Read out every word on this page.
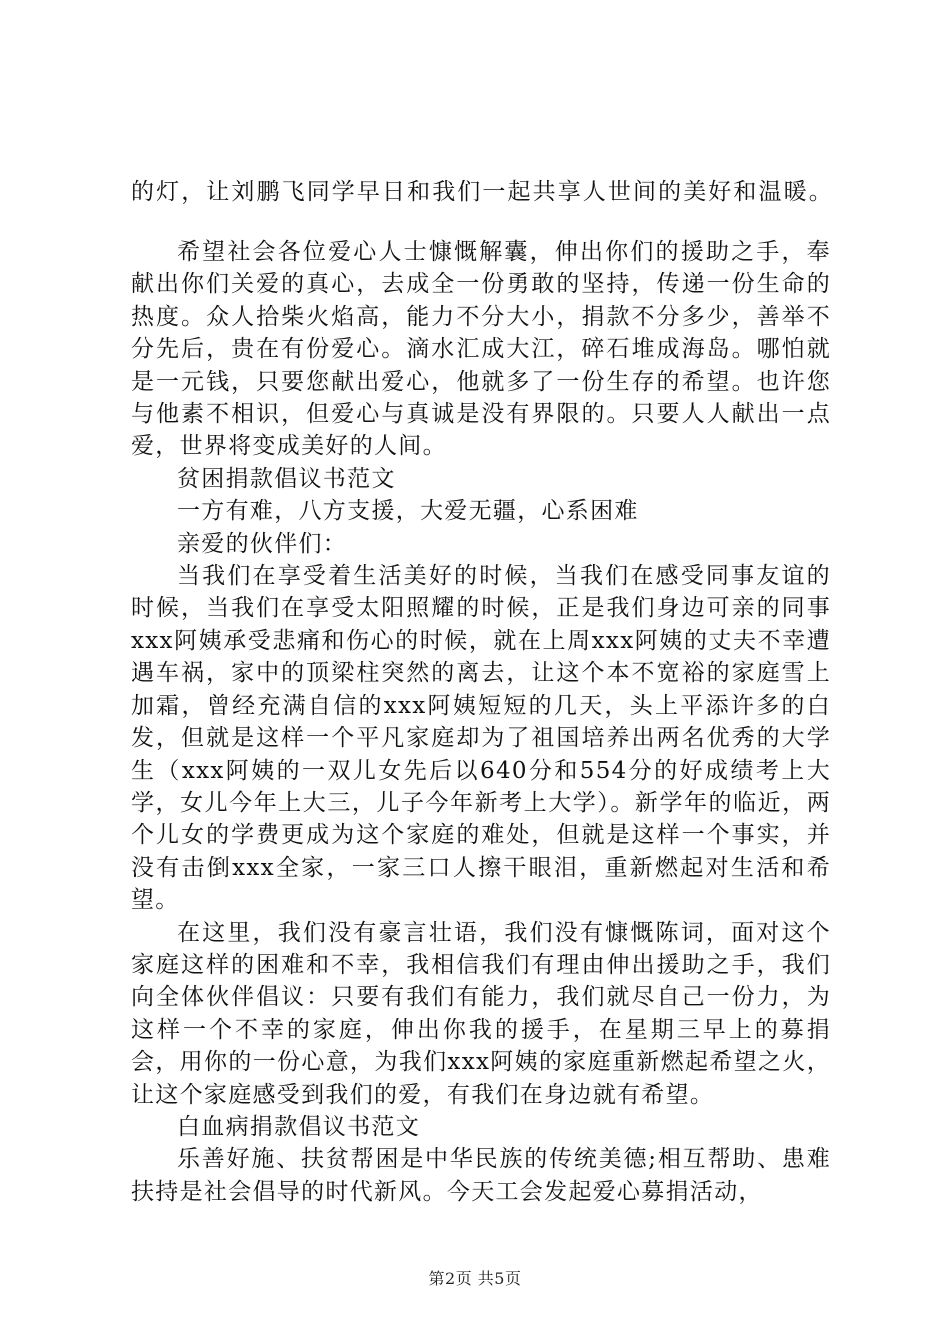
的灯，让刘鹏飞同学早日和我们一起共享人世间的美好和温暖。

希望社会各位爱心人士慷慨解囊，伸出你们的援助之手，奉献出你们关爱的真心，去成全一份勇敢的坚持，传递一份生命的热度。众人拾柴火焰高，能力不分大小，捐款不分多少，善举不分先后，贵在有份爱心。滴水汇成大江，碎石堆成海岛。哪怕就是一元钱，只要您献出爱心，他就多了一份生存的希望。也许您与他素不相识，但爱心与真诚是没有界限的。只要人人献出一点爱，世界将变成美好的人间。

贫困捐款倡议书范文

一方有难，八方支援，大爱无疆，心系困难

亲爱的伙伴们：

当我们在享受着生活美好的时候，当我们在感受同事友谊的时候，当我们在享受太阳照耀的时候，正是我们身边可亲的同事xxx阿姨承受悲痛和伤心的时候，就在上周xxx阿姨的丈夫不幸遭遇车祸，家中的顶梁柱突然的离去，让这个本不宽裕的家庭雪上加霜，曾经充满自信的xxx阿姨短短的几天，头上平添许多的白发，但就是这样一个平凡家庭却为了祖国培养出两名优秀的大学生（xxx阿姨的一双儿女先后以640分和554分的好成绩考上大学，女儿今年上大三，儿子今年新考上大学）。新学年的临近，两个儿女的学费更成为这个家庭的难处，但就是这样一个事实，并没有击倒xxx全家，一家三口人擦干眼泪，重新燃起对生活和希望。

在这里，我们没有豪言壮语，我们没有慷慨陈词，面对这个家庭这样的困难和不幸，我相信我们有理由伸出援助之手，我们向全体伙伴倡议：只要有我们有能力，我们就尽自己一份力，为这样一个不幸的家庭，伸出你我的援手，在星期三早上的募捐会，用你的一份心意，为我们xxx阿姨的家庭重新燃起希望之火，让这个家庭感受到我们的爱，有我们在身边就有希望。

白血病捐款倡议书范文

乐善好施、扶贫帮困是中华民族的传统美德;相互帮助、患难扶持是社会倡导的时代新风。今天工会发起爱心募捐活动，

第2页 共5页
